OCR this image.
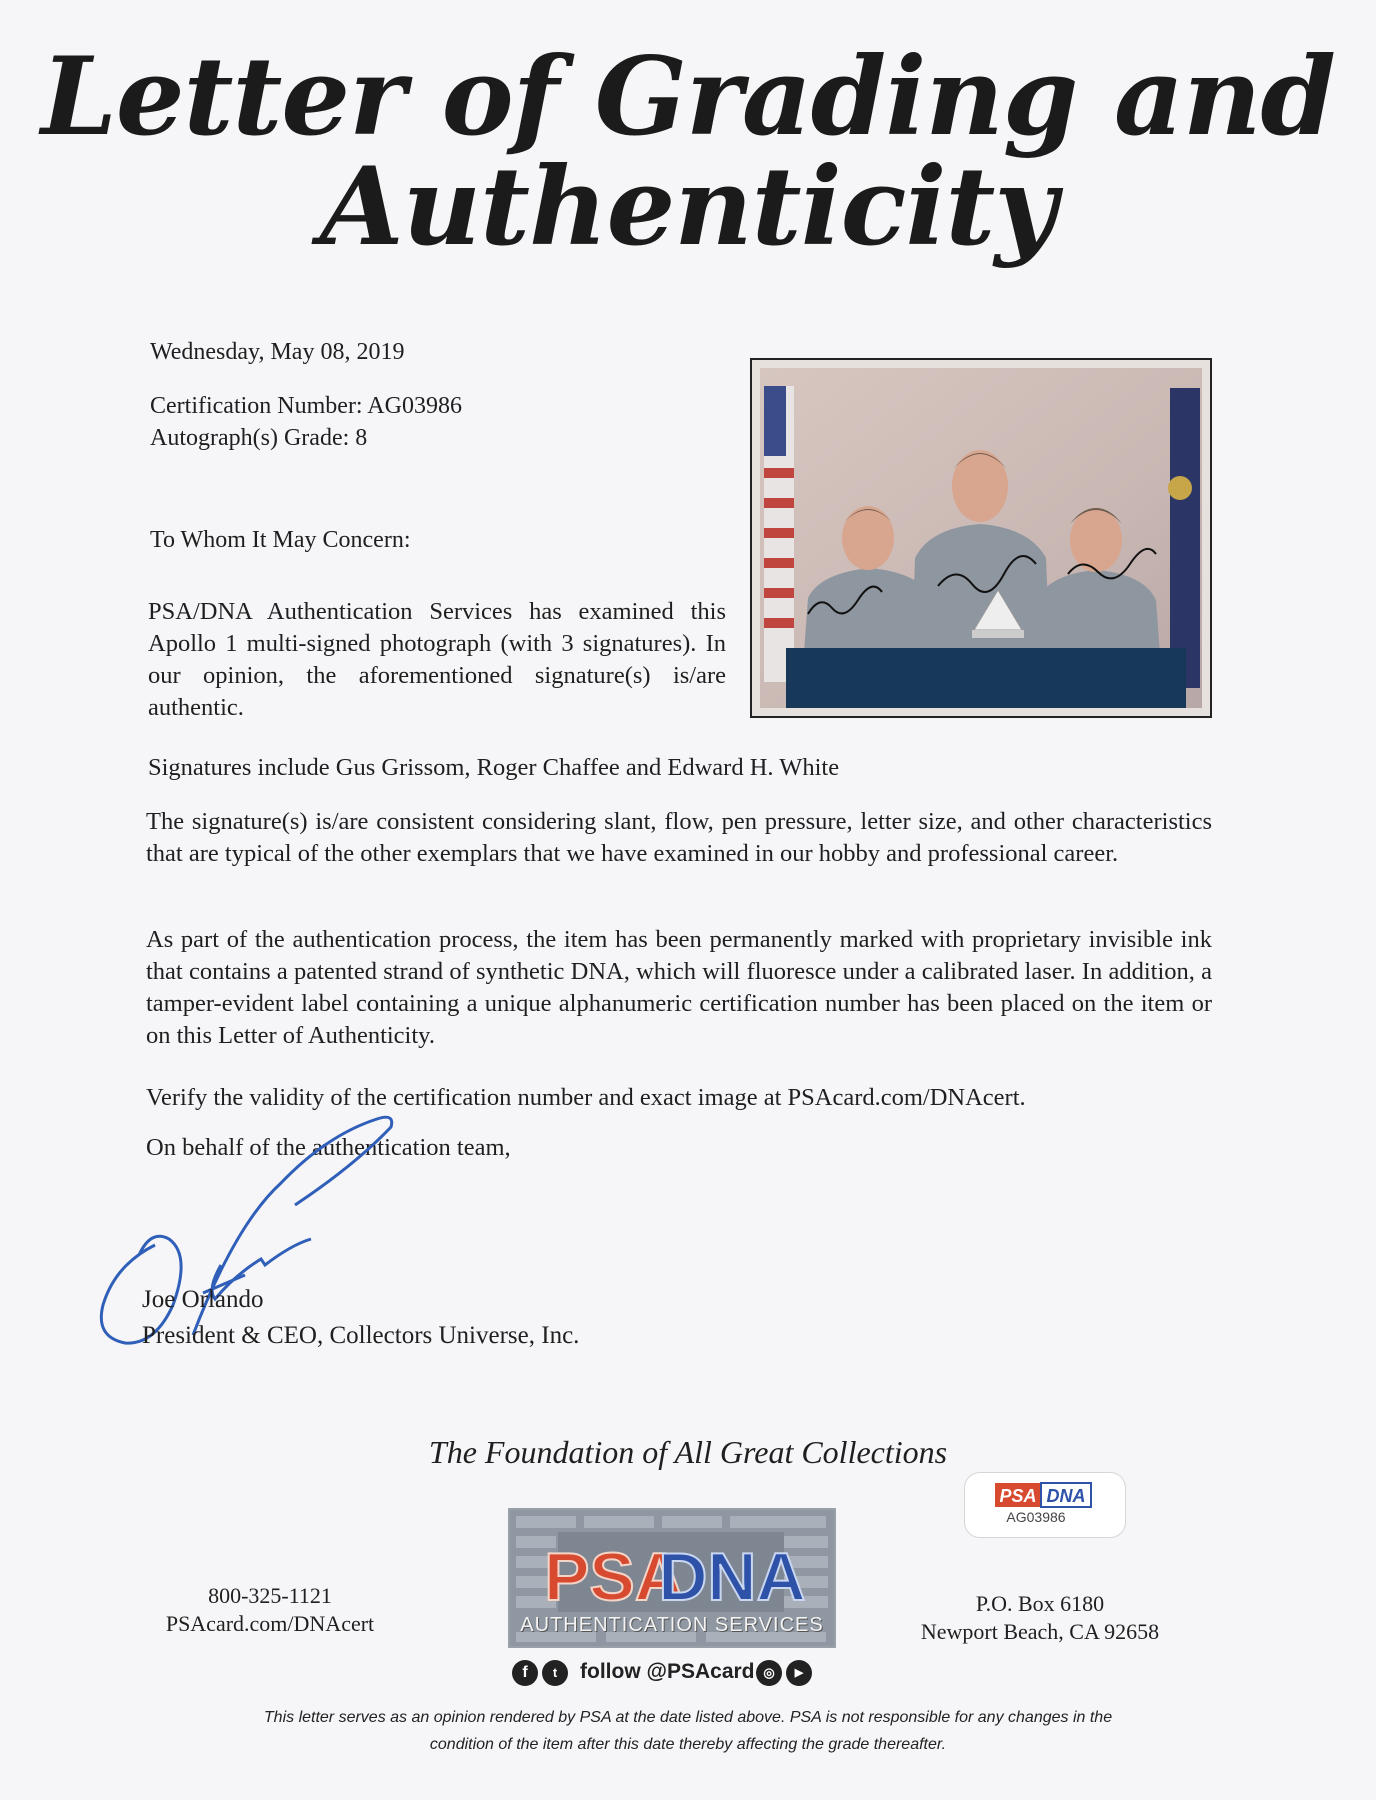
Letter of Grading and
Authenticity
Wednesday, May 08, 2019
Certification Number: AG03986
Autograph(s) Grade: 8
To Whom It May Concern:
PSA/DNA Authentication Services has examined this Apollo 1 multi-signed photograph (with 3 signatures). In our opinion, the aforementioned signature(s) is/are authentic.
Signatures include Gus Grissom, Roger Chaffee and Edward H. White
The signature(s) is/are consistent considering slant, flow, pen pressure, letter size, and other characteristics that are typical of the other exemplars that we have examined in our hobby and professional career.
As part of the authentication process, the item has been permanently marked with proprietary invisible ink that contains a patented strand of synthetic DNA, which will fluoresce under a calibrated laser. In addition, a tamper-evident label containing a unique alphanumeric certification number has been placed on the item or on this Letter of Authenticity.
Verify the validity of the certification number and exact image at PSAcard.com/DNAcert.
On behalf of the authentication team,
Joe Orlando
President & CEO, Collectors Universe, Inc.
The Foundation of All Great Collections
PSA DNA
AG03986
PSA
DNA
AUTHENTICATION SERVICES
f	t	follow @PSAcard ◎	▶
800-325-1121
PSAcard.com/DNAcert
P.O. Box 6180
Newport Beach, CA 92658
This letter serves as an opinion rendered by PSA at the date listed above. PSA is not responsible for any changes in the
condition of the item after this date thereby affecting the grade thereafter.
